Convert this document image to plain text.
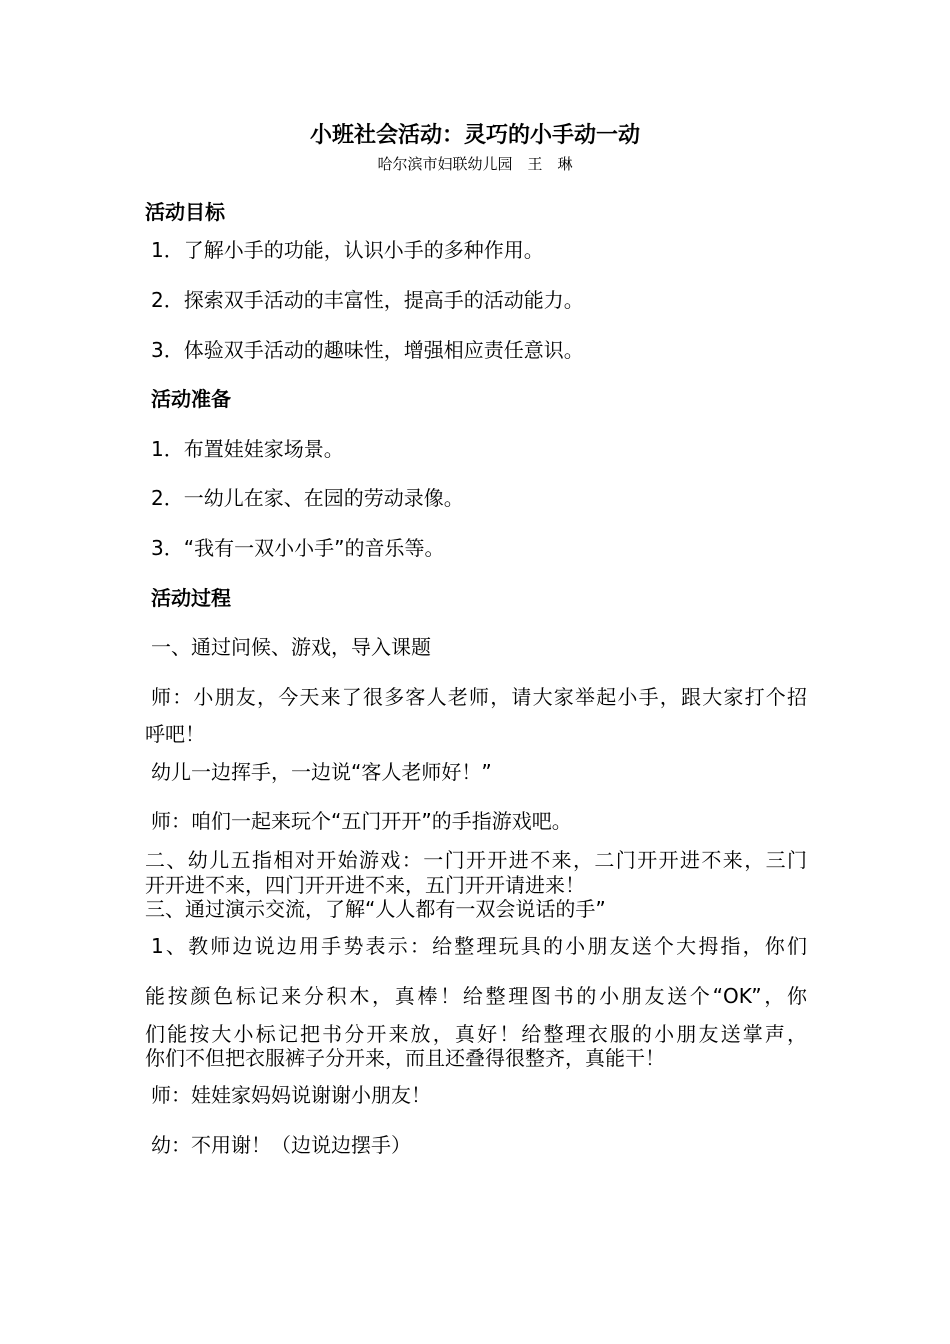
小班社会活动：灵巧的小手动一动
哈尔滨市妇联幼儿园　王　琳
活动目标
1．了解小手的功能，认识小手的多种作用。
2．探索双手活动的丰富性，提高手的活动能力。
3．体验双手活动的趣味性，增强相应责任意识。
活动准备
1．布置娃娃家场景。
2．一幼儿在家、在园的劳动录像。
3．“我有一双小小手”的音乐等。
活动过程
一、通过问候、游戏，导入课题
师：小朋友，今天来了很多客人老师，请大家举起小手，跟大家打个招
呼吧！
幼儿一边挥手，一边说“客人老师好！”
师：咱们一起来玩个“五门开开”的手指游戏吧。
二、幼儿五指相对开始游戏：一门开开进不来，二门开开进不来，三门
开开进不来，四门开开进不来，五门开开请进来！
三、通过演示交流，了解“人人都有一双会说话的手”
1、教师边说边用手势表示：给整理玩具的小朋友送个大拇指，你们
能按颜色标记来分积木，真棒！给整理图书的小朋友送个“OK”，你
们能按大小标记把书分开来放，真好！给整理衣服的小朋友送掌声，
你们不但把衣服裤子分开来，而且还叠得很整齐，真能干！
师：娃娃家妈妈说谢谢小朋友！
幼：不用谢！（边说边摆手）
